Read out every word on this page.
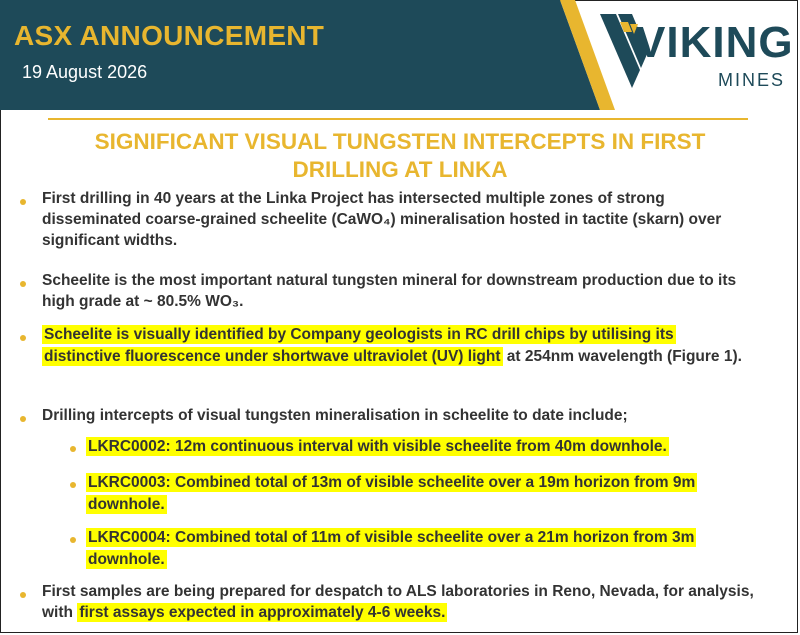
ASX ANNOUNCEMENT
19 August 2026
VIKING
MINES
SIGNIFICANT VISUAL TUNGSTEN INTERCEPTS IN FIRST
DRILLING AT LINKA
First drilling in 40 years at the Linka Project has intersected multiple zones of strong disseminated coarse-grained scheelite (CaWO₄) mineralisation hosted in tactite (skarn) over significant widths.
Scheelite is the most important natural tungsten mineral for downstream production due to its high grade at ~ 80.5% WO₃.
Scheelite is visually identified by Company geologists in RC drill chips by utilising its distinctive fluorescence under shortwave ultraviolet (UV) light at 254nm wavelength (Figure 1).
Drilling intercepts of visual tungsten mineralisation in scheelite to date include;
LKRC0002: 12m continuous interval with visible scheelite from 40m downhole.
LKRC0003: Combined total of 13m of visible scheelite over a 19m horizon from 9m downhole.
LKRC0004: Combined total of 11m of visible scheelite over a 21m horizon from 3m downhole.
First samples are being prepared for despatch to ALS laboratories in Reno, Nevada, for analysis, with first assays expected in approximately 4-6 weeks.
